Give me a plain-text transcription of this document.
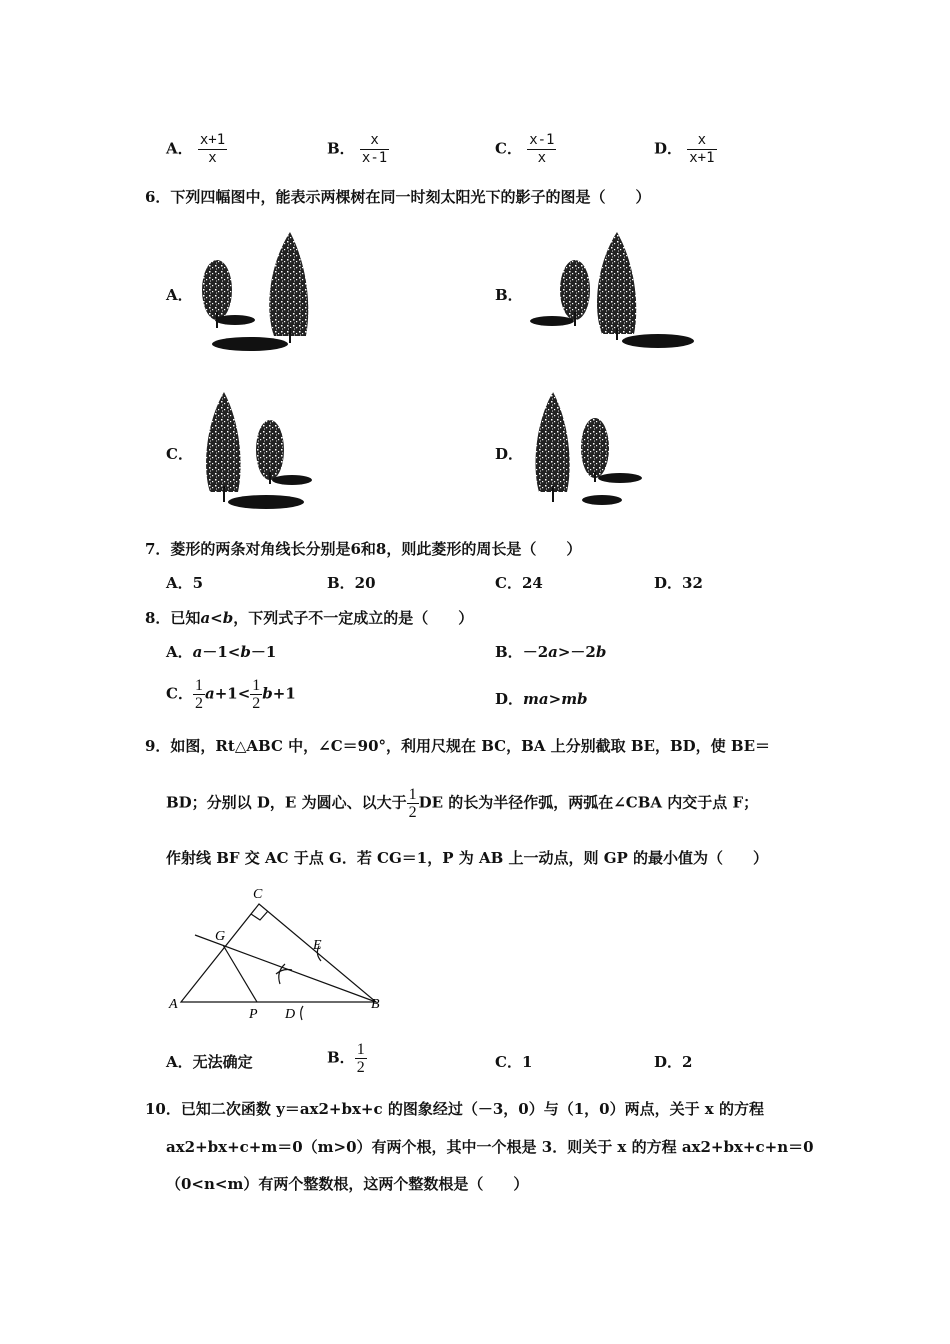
A． $\frac{x+1}{x}$	B． $\frac{x}{x-1}$	C． $\frac{x-1}{x}$	D． $\frac{x}{x+1}$
6．下列四幅图中，能表示两棵树在同一时刻太阳光下的影子的图是（　　）
A．	B．
C．	D．
7．菱形的两条对角线长分别是6和8，则此菱形的周长是（　　）
A．5	B．20	C．24	D．32
8．已知a<b，下列式子不一定成立的是（　　）
A．a－1<b－1	B．－2a>－2b
C． $\frac{1}{2} a+1< \frac{1}{2} b+1$	D．ma>mb
9．如图，Rt△ABC 中，∠C＝90°，利用尺规在 BC，BA 上分别截取 BE，BD，使 BE＝
BD；分别以 D，E 为圆心、以大于 $\frac{1}{2}$ DE 的长为半径作弧，两弧在∠CBA 内交于点 F；
作射线 BF 交 AC 于点 G．若 CG＝1，P 为 AB 上一动点，则 GP 的最小值为（　　）
C
G
E
A
P D
B
A．无法确定	B． $\frac{1}{2}$	C．1	D．2
10．已知二次函数 y＝ax2+bx+c 的图象经过（－3，0）与（1，0）两点，关于 x 的方程
ax2+bx+c+m＝0（m>0）有两个根，其中一个根是 3．则关于 x 的方程 ax2+bx+c+n＝0
（0<n<m）有两个整数根，这两个整数根是（　　）
